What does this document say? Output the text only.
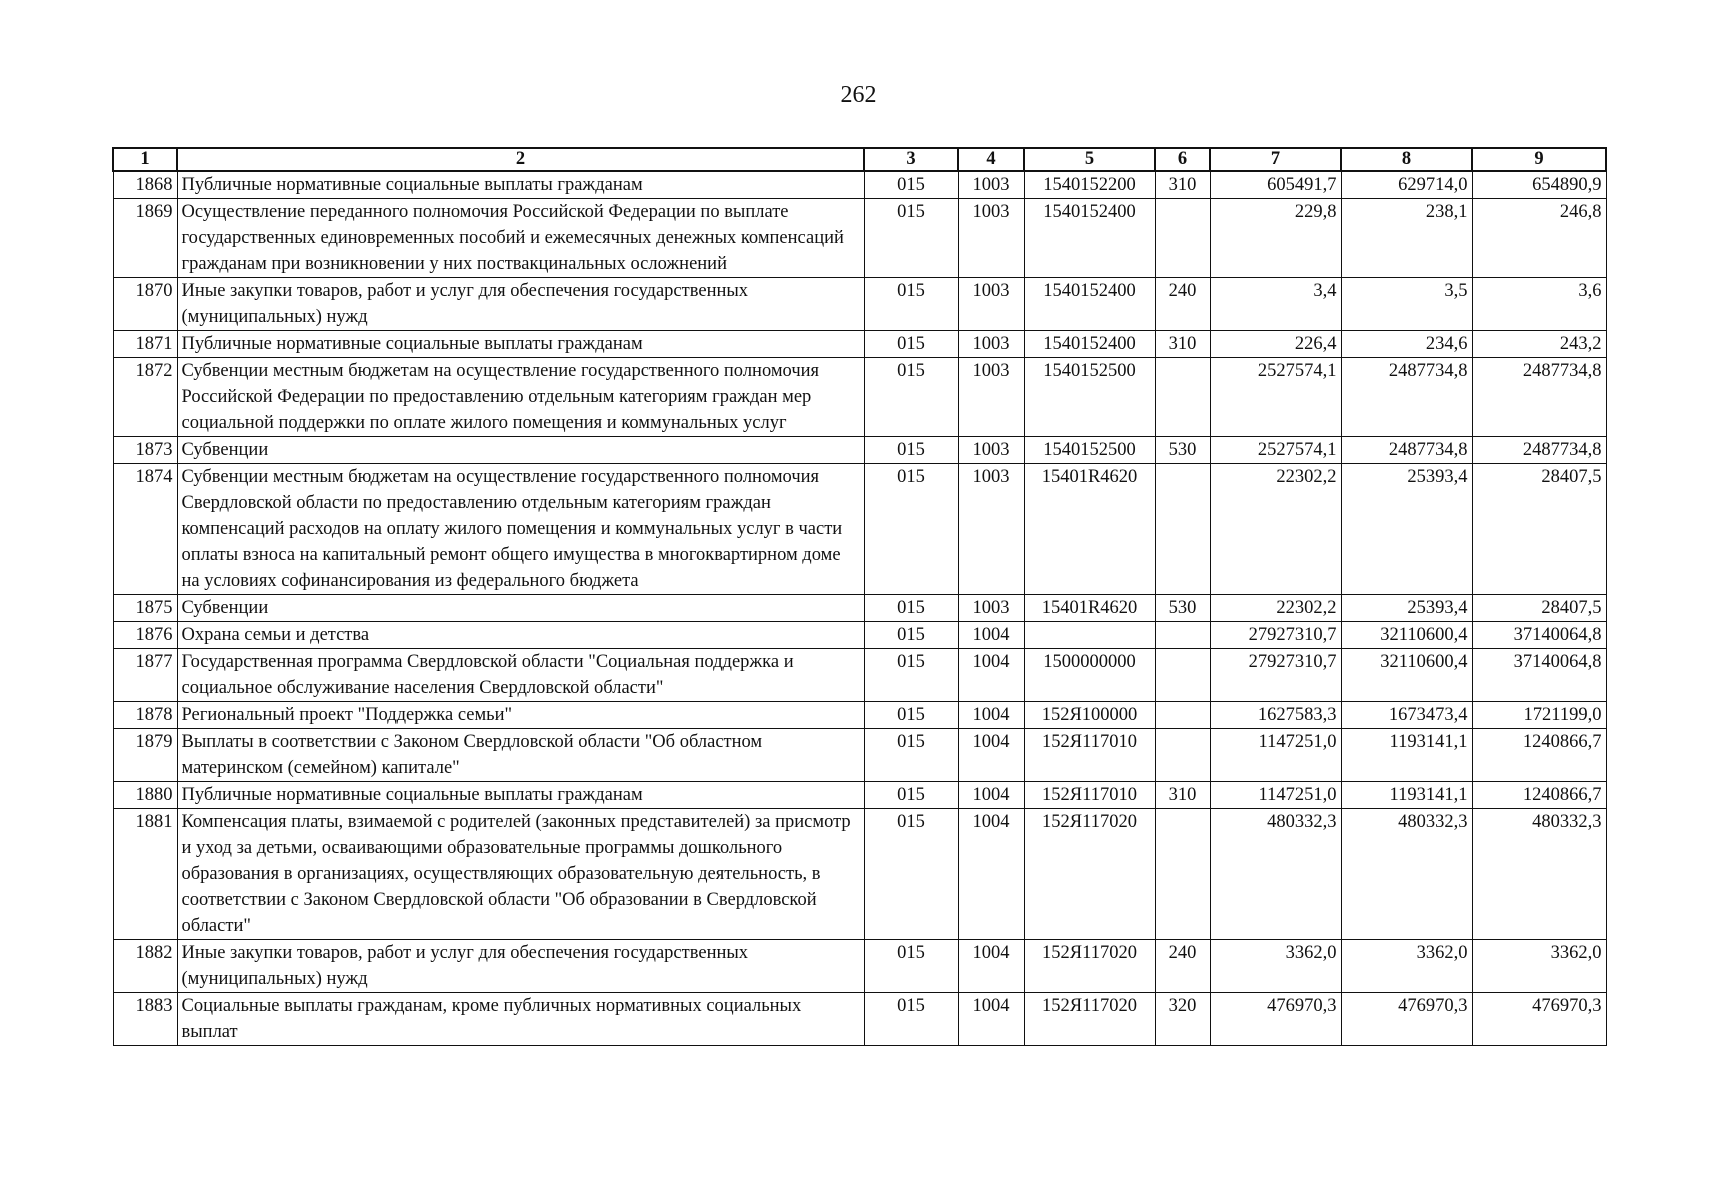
262
1	2	3	4	5	6	7	8	9
1868	Публичные нормативные социальные выплаты гражданам	015	1003	1540152200	310	605491,7	629714,0	654890,9
1869	Осуществление переданного полномочия Российской Федерации по выплате государственных единовременных пособий и ежемесячных денежных компенсаций гражданам при возникновении у них поствакцинальных осложнений	015	1003	1540152400		229,8	238,1	246,8
1870	Иные закупки товаров, работ и услуг для обеспечения государственных (муниципальных) нужд	015	1003	1540152400	240	3,4	3,5	3,6
1871	Публичные нормативные социальные выплаты гражданам	015	1003	1540152400	310	226,4	234,6	243,2
1872	Субвенции местным бюджетам на осуществление государственного полномочия Российской Федерации по предоставлению отдельным категориям граждан мер социальной поддержки по оплате жилого помещения и коммунальных услуг	015	1003	1540152500		2527574,1	2487734,8	2487734,8
1873	Субвенции	015	1003	1540152500	530	2527574,1	2487734,8	2487734,8
1874	Субвенции местным бюджетам на осуществление государственного полномочия Свердловской области по предоставлению отдельным категориям граждан компенсаций расходов на оплату жилого помещения и коммунальных услуг в части оплаты взноса на капитальный ремонт общего имущества в многоквартирном доме на условиях софинансирования из федерального бюджета	015	1003	15401R4620		22302,2	25393,4	28407,5
1875	Субвенции	015	1003	15401R4620	530	22302,2	25393,4	28407,5
1876	Охрана семьи и детства	015	1004			27927310,7	32110600,4	37140064,8
1877	Государственная программа Свердловской области "Социальная поддержка и социальное обслуживание населения Свердловской области"	015	1004	1500000000		27927310,7	32110600,4	37140064,8
1878	Региональный проект "Поддержка семьи"	015	1004	152Я100000		1627583,3	1673473,4	1721199,0
1879	Выплаты в соответствии с Законом Свердловской области "Об областном материнском (семейном) капитале"	015	1004	152Я117010		1147251,0	1193141,1	1240866,7
1880	Публичные нормативные социальные выплаты гражданам	015	1004	152Я117010	310	1147251,0	1193141,1	1240866,7
1881	Компенсация платы, взимаемой с родителей (законных представителей) за присмотр и уход за детьми, осваивающими образовательные программы дошкольного образования в организациях, осуществляющих образовательную деятельность, в соответствии с Законом Свердловской области "Об образовании в Свердловской области"	015	1004	152Я117020		480332,3	480332,3	480332,3
1882	Иные закупки товаров, работ и услуг для обеспечения государственных (муниципальных) нужд	015	1004	152Я117020	240	3362,0	3362,0	3362,0
1883	Социальные выплаты гражданам, кроме публичных нормативных социальных выплат	015	1004	152Я117020	320	476970,3	476970,3	476970,3
